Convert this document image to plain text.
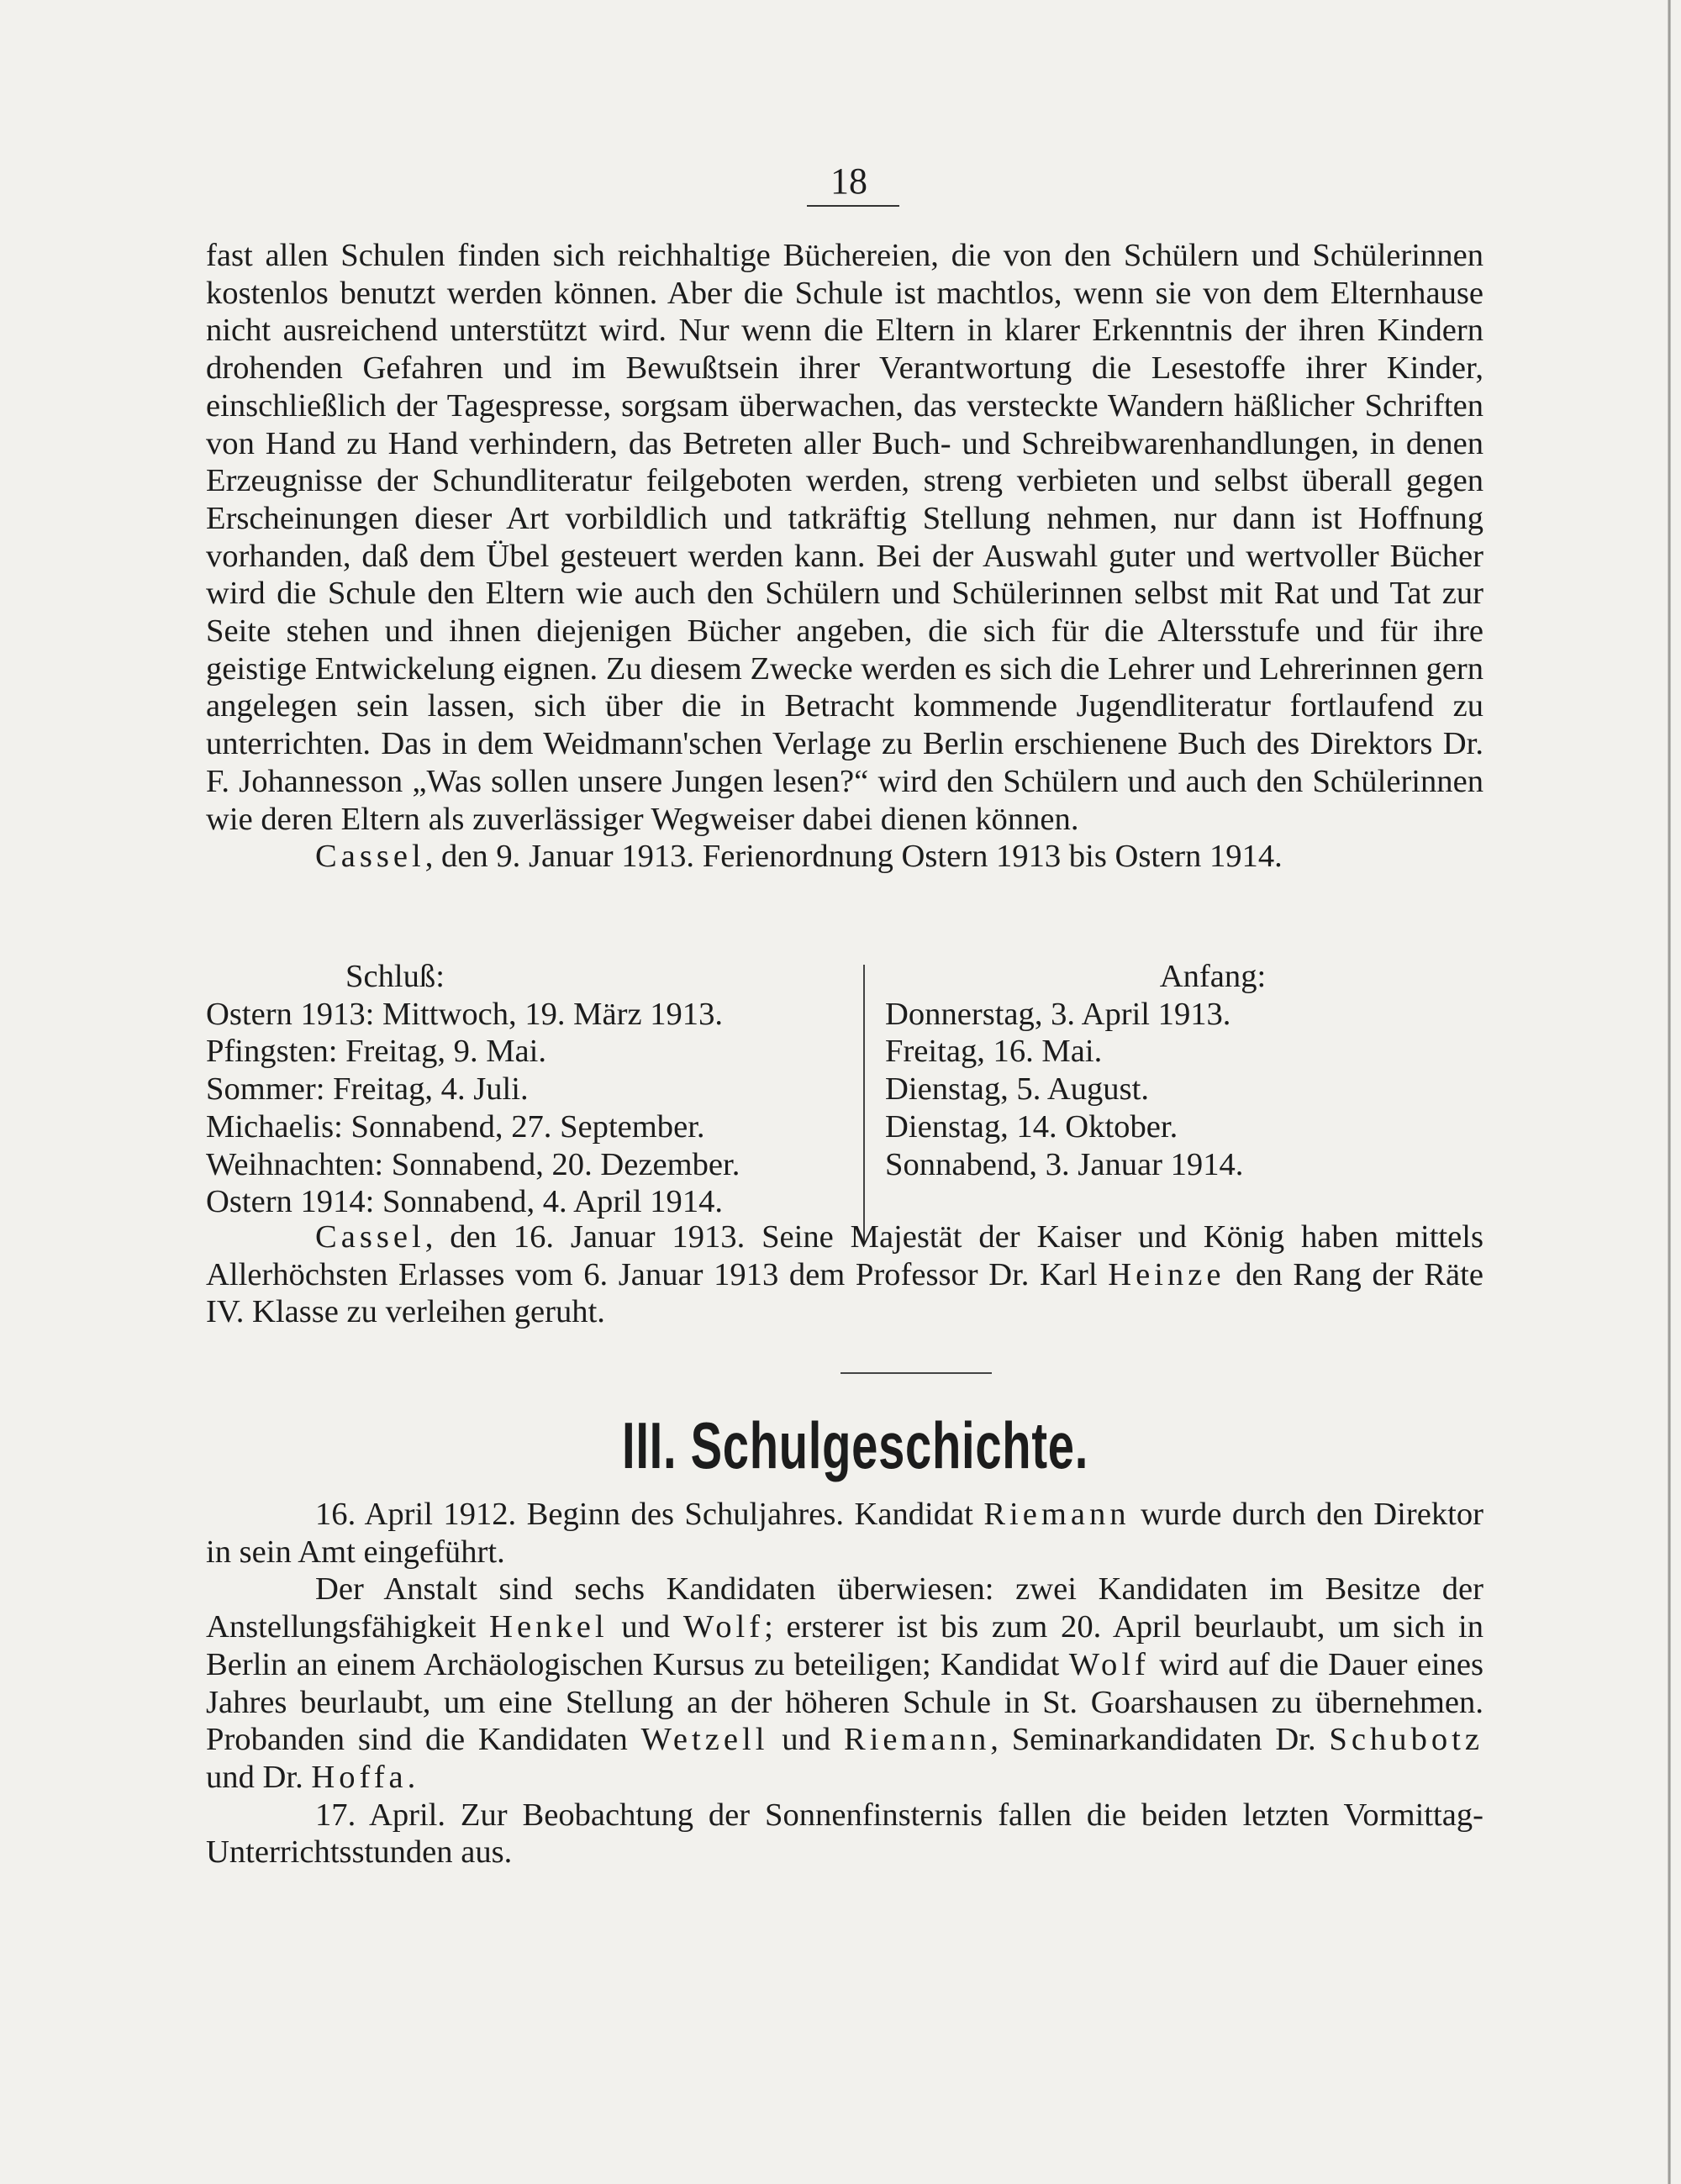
18

fast allen Schulen finden sich reichhaltige Büchereien, die von den Schülern und Schülerinnen kostenlos benutzt werden können. Aber die Schule ist machtlos, wenn sie von dem Elternhause nicht ausreichend unterstützt wird. Nur wenn die Eltern in klarer Erkenntnis der ihren Kindern drohenden Gefahren und im Bewußtsein ihrer Verantwortung die Lesestoffe ihrer Kinder, einschließlich der Tagespresse, sorgsam überwachen, das versteckte Wandern häßlicher Schriften von Hand zu Hand verhindern, das Betreten aller Buch- und Schreibwarenhandlungen, in denen Erzeugnisse der Schundliteratur feilgeboten werden, streng verbieten und selbst überall gegen Erscheinungen dieser Art vorbildlich und tatkräftig Stellung nehmen, nur dann ist Hoffnung vorhanden, daß dem Übel gesteuert werden kann. Bei der Auswahl guter und wertvoller Bücher wird die Schule den Eltern wie auch den Schülern und Schülerinnen selbst mit Rat und Tat zur Seite stehen und ihnen diejenigen Bücher angeben, die sich für die Altersstufe und für ihre geistige Entwickelung eignen. Zu diesem Zwecke werden es sich die Lehrer und Lehrerinnen gern angelegen sein lassen, sich über die in Betracht kommende Jugendliteratur fortlaufend zu unterrichten. Das in dem Weidmann'schen Verlage zu Berlin erschienene Buch des Direktors Dr. F. Johannesson „Was sollen unsere Jungen lesen?“ wird den Schülern und auch den Schülerinnen wie deren Eltern als zuverlässiger Wegweiser dabei dienen können.

Cassel, den 9. Januar 1913. Ferienordnung Ostern 1913 bis Ostern 1914.

Schluß:
Ostern 1913: Mittwoch, 19. März 1913.
Pfingsten: Freitag, 9. Mai.
Sommer: Freitag, 4. Juli.
Michaelis: Sonnabend, 27. September.
Weihnachten: Sonnabend, 20. Dezember.
Ostern 1914: Sonnabend, 4. April 1914.
Anfang:
Donnerstag, 3. April 1913.
Freitag, 16. Mai.
Dienstag, 5. August.
Dienstag, 14. Oktober.
Sonnabend, 3. Januar 1914.

Cassel, den 16. Januar 1913. Seine Majestät der Kaiser und König haben mittels Allerhöchsten Erlasses vom 6. Januar 1913 dem Professor Dr. Karl Heinze den Rang der Räte IV. Klasse zu verleihen geruht.

III. Schulgeschichte.

16. April 1912. Beginn des Schuljahres. Kandidat Riemann wurde durch den Direktor in sein Amt eingeführt.

Der Anstalt sind sechs Kandidaten überwiesen: zwei Kandidaten im Besitze der Anstellungsfähigkeit Henkel und Wolf; ersterer ist bis zum 20. April beurlaubt, um sich in Berlin an einem Archäologischen Kursus zu beteiligen; Kandidat Wolf wird auf die Dauer eines Jahres beurlaubt, um eine Stellung an der höheren Schule in St. Goarshausen zu übernehmen. Probanden sind die Kandidaten Wetzell und Riemann, Seminarkandidaten Dr. Schubotz und Dr. Hoffa.

17. April. Zur Beobachtung der Sonnenfinsternis fallen die beiden letzten Vormittag-Unterrichtsstunden aus.
